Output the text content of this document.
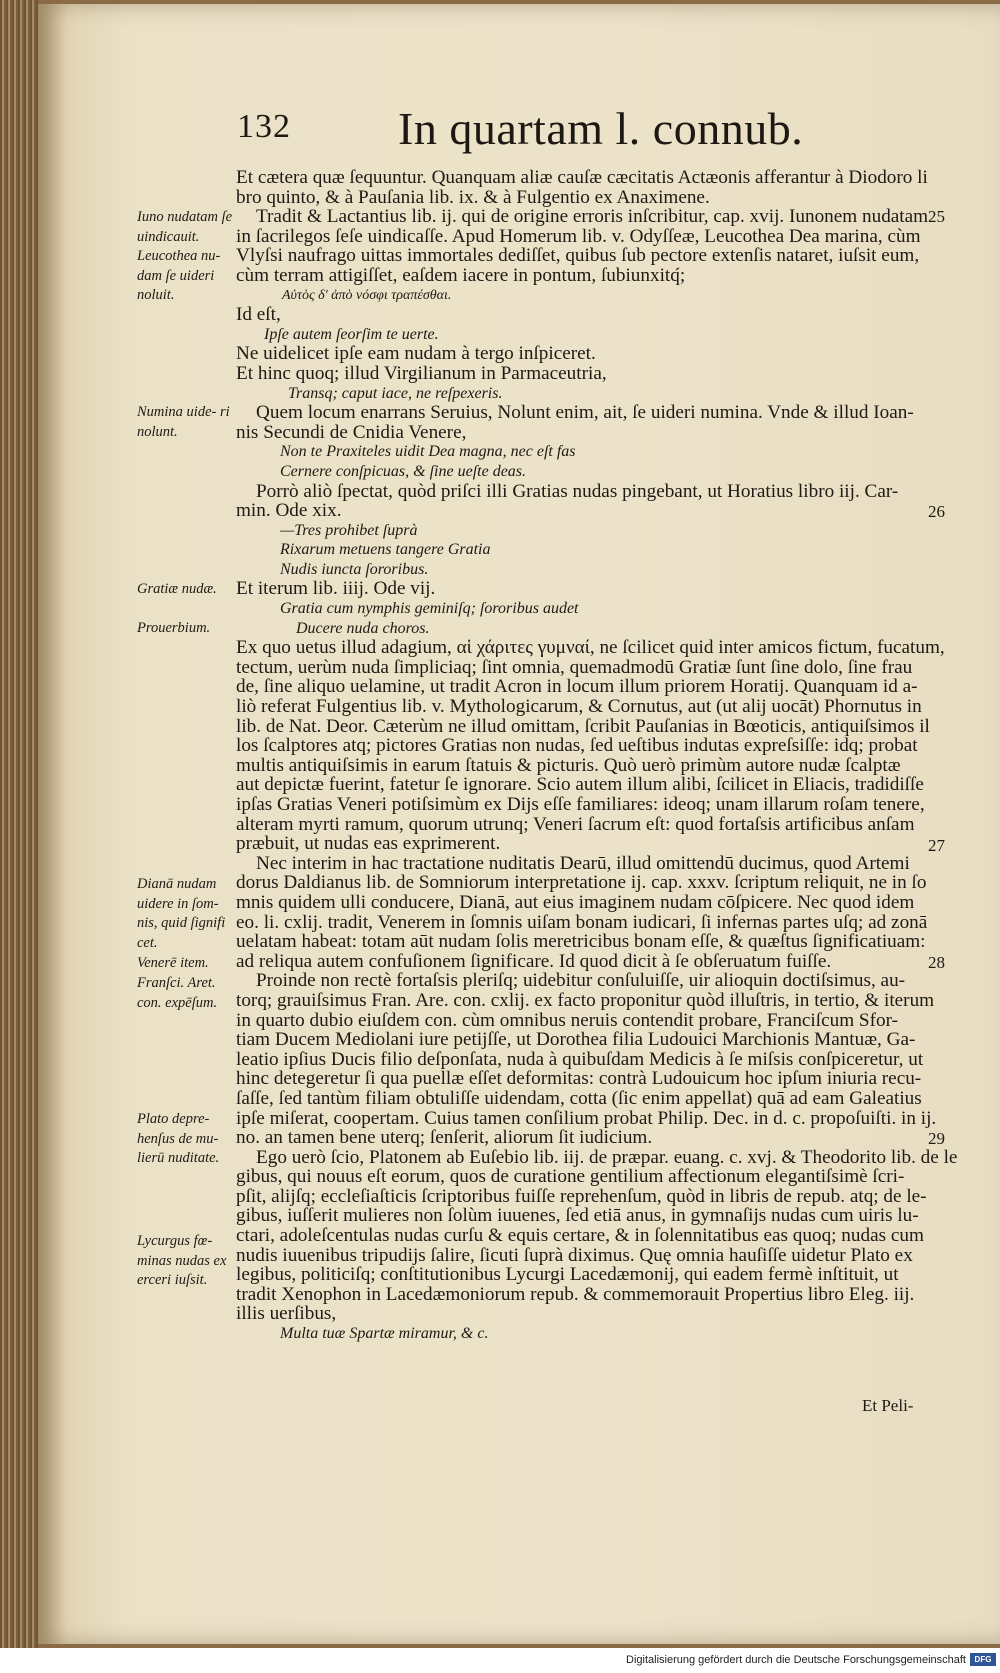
132 In quartam l. connub.

Et cætera quæ ſequuntur. Quanquam aliæ cauſæ cæcitatis Actæonis afferantur à Diodoro li

bro quinto, & à Pauſania lib. ix. & à Fulgentio ex Anaximene.

Tradit & Lactantius lib. ij. qui de origine erroris inſcribitur, cap. xvij. Iunonem nudatam

in ſacrilegos ſeſe uindicaſſe. Apud Homerum lib. v. Odyſſeæ, Leucothea Dea marina, cùm

Vlyſsi naufrago uittas immortales dediſſet, quibus ſub pectore extenſis nataret, iuſsit eum,

cùm terram attigiſſet, eaſdem iacere in pontum, ſubiunxitq́;

Αὐτὸς δ' ἀπὸ νόσφι τραπέσθαι.

Id eſt,

Ipſe autem ſeorſim te uerte.

Ne uidelicet ipſe eam nudam à tergo inſpiceret.

Et hinc quoq; illud Virgilianum in Parmaceutria,

Transq; caput iace, ne reſpexeris.

Quem locum enarrans Seruius, Nolunt enim, ait, ſe uideri numina. Vnde & illud Ioan-

nis Secundi de Cnidia Venere,

Non te Praxiteles uidit Dea magna, nec eſt fas

Cernere conſpicuas, & ſine ueſte deas.

Porrò aliò ſpectat, quòd priſci illi Gratias nudas pingebant, ut Horatius libro iij. Car-

min. Ode xix.

—Tres prohibet ſuprà

Rixarum metuens tangere Gratia

Nudis iuncta ſororibus.

Et iterum lib. iiij. Ode vij.

Gratia cum nymphis geminiſq; ſororibus audet

Ducere nuda choros.

Ex quo uetus illud adagium, αἱ χάριτες γυμναί, ne ſcilicet quid inter amicos fictum, fucatum,

tectum, uerùm nuda ſimpliciaq; ſint omnia, quemadmodū Gratiæ ſunt ſine dolo, ſine frau

de, ſine aliquo uelamine, ut tradit Acron in locum illum priorem Horatij. Quanquam id a-

liò referat Fulgentius lib. v. Mythologicarum, & Cornutus, aut (ut alij uocāt) Phornutus in

lib. de Nat. Deor. Cæterùm ne illud omittam, ſcribit Pauſanias in Bœoticis, antiquiſsimos il

los ſcalptores atq; pictores Gratias non nudas, ſed ueſtibus indutas expreſsiſſe: idq; probat

multis antiquiſsimis in earum ſtatuis & picturis. Quò uerò primùm autore nudæ ſcalptæ

aut depictæ fuerint, fatetur ſe ignorare. Scio autem illum alibi, ſcilicet in Eliacis, tradidiſſe

ipſas Gratias Veneri potiſsimùm ex Dijs eſſe familiares: ideoq; unam illarum roſam tenere,

alteram myrti ramum, quorum utrunq; Veneri ſacrum eſt: quod fortaſsis artificibus anſam

præbuit, ut nudas eas exprimerent.

Nec interim in hac tractatione nuditatis Dearū, illud omittendū ducimus, quod Artemi

dorus Daldianus lib. de Somniorum interpretatione ij. cap. xxxv. ſcriptum reliquit, ne in ſo

mnis quidem ulli conducere, Dianā, aut eius imaginem nudam cōſpicere. Nec quod idem

eo. li. cxlij. tradit, Venerem in ſomnis uiſam bonam iudicari, ſi infernas partes uſq; ad zonā

uelatam habeat: totam aūt nudam ſolis meretricibus bonam eſſe, & quæſtus ſignificatiuam:

ad reliqua autem confuſionem ſignificare. Id quod dicit à ſe obſeruatum fuiſſe.

Proinde non rectè fortaſsis pleriſq; uidebitur conſuluiſſe, uir alioquin doctiſsimus, au-

torq; grauiſsimus Fran. Are. con. cxlij. ex facto proponitur quòd illuſtris, in tertio, & iterum

in quarto dubio eiuſdem con. cùm omnibus neruis contendit probare, Franciſcum Sfor-

tiam Ducem Mediolani iure petijſſe, ut Dorothea filia Ludouici Marchionis Mantuæ, Ga-

leatio ipſius Ducis filio deſponſata, nuda à quibuſdam Medicis à ſe miſsis conſpiceretur, ut

hinc detegeretur ſi qua puellæ eſſet deformitas: contrà Ludouicum hoc ipſum iniuria recu-

ſaſſe, ſed tantùm filiam obtuliſſe uidendam, cotta (ſic enim appellat) quā ad eam Galeatius

ipſe miſerat, coopertam. Cuius tamen conſilium probat Philip. Dec. in d. c. propoſuiſti. in ij.

no. an tamen bene uterq; ſenſerit, aliorum ſit iudicium.

Ego uerò ſcio, Platonem ab Euſebio lib. iij. de præpar. euang. c. xvj. & Theodorito lib. de le

gibus, qui nouus eſt eorum, quos de curatione gentilium affectionum elegantiſsimè ſcri-

pſit, alijſq; eccleſiaſticis ſcriptoribus fuiſſe reprehenſum, quòd in libris de repub. atq; de le-

gibus, iuſſerit mulieres non ſolùm iuuenes, ſed etiā anus, in gymnaſijs nudas cum uiris lu-

ctari, adoleſcentulas nudas curſu & equis certare, & in ſolennitatibus eas quoq; nudas cum

nudis iuuenibus tripudijs ſalire, ſicuti ſuprà diximus. Quę omnia hauſiſſe uidetur Plato ex

legibus, politiciſq; conſtitutionibus Lycurgi Lacedæmonij, qui eadem fermè inſtituit, ut

tradit Xenophon in Lacedæmoniorum repub. & commemorauit Propertius libro Eleg. iij.

illis uerſibus,

Multa tuæ Spartæ miramur, & c.

Iuno nudatam ſe uindicauit.
Leucothea nu- dam ſe uideri noluit.
Numina uide- ri nolunt.
Gratiæ nudæ.
Prouerbium.
Dianā nudam uidere in ſom- nis, quid ſignifi cet.
Venerē item.
Franſci. Aret. con. expēſum.
Plato depre- henſus de mu- lierū nuditate.
Lycurgus fœ- minas nudas ex erceri iuſsit.
25
26
27
28
29
Et Peli-
Digitalisierung gefördert durch die Deutsche Forschungsgemeinschaft	DFG
